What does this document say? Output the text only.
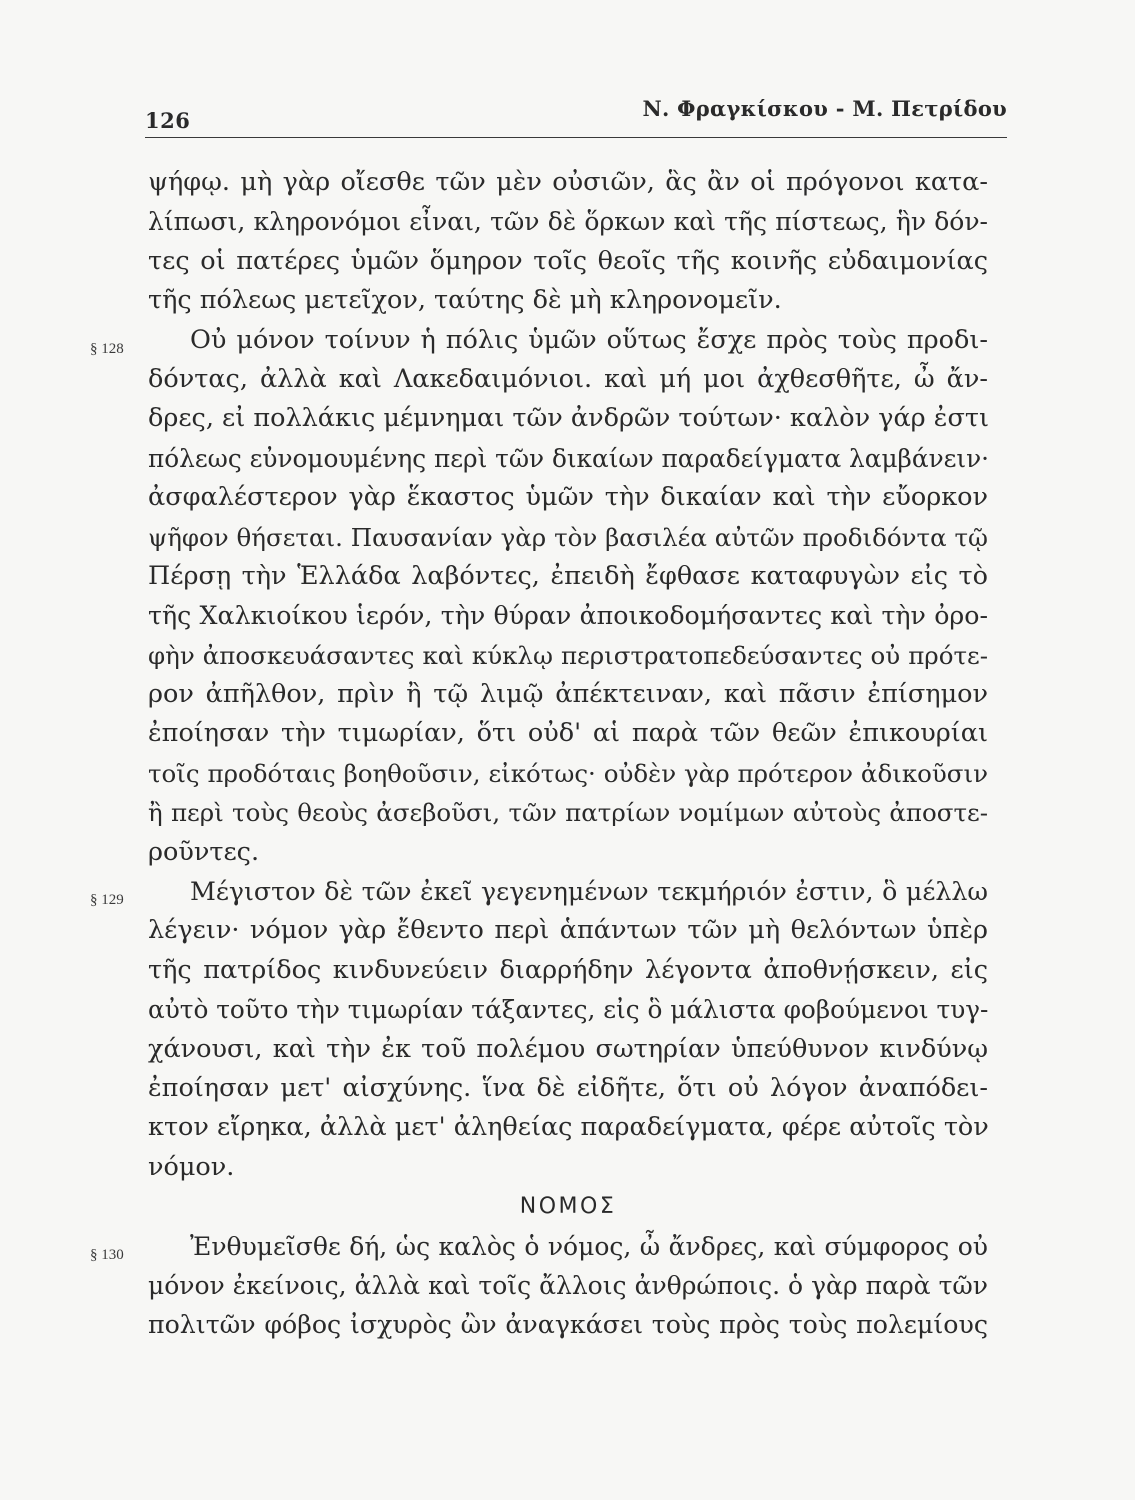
126	Ν. Φραγκίσκου - Μ. Πετρίδου
ψήφῳ. μὴ γὰρ οἴεσθε τῶν μὲν οὐσιῶν, ἃς ἂν οἱ πρόγονοι κατα-
λίπωσι, κληρονόμοι εἶναι, τῶν δὲ ὅρκων καὶ τῆς πίστεως, ἣν δόν-
τες οἱ πατέρες ὑμῶν ὅμηρον τοῖς θεοῖς τῆς κοινῆς εὐδαιμονίας
τῆς πόλεως μετεῖχον, ταύτης δὲ μὴ κληρονομεῖν.
§ 128	Οὐ μόνον τοίνυν ἡ πόλις ὑμῶν οὕτως ἔσχε πρὸς τοὺς προδι-
δόντας, ἀλλὰ καὶ Λακεδαιμόνιοι. καὶ μή μοι ἀχθεσθῆτε, ὦ ἄν-
δρες, εἰ πολλάκις μέμνημαι τῶν ἀνδρῶν τούτων· καλὸν γάρ ἐστι
πόλεως εὐνομουμένης περὶ τῶν δικαίων παραδείγματα λαμβάνειν·
ἀσφαλέστερον γὰρ ἕκαστος ὑμῶν τὴν δικαίαν καὶ τὴν εὔορκον
ψῆφον θήσεται. Παυσανίαν γὰρ τὸν βασιλέα αὐτῶν προδιδόντα τῷ
Πέρσῃ τὴν Ἑλλάδα λαβόντες, ἐπειδὴ ἔφθασε καταφυγὼν εἰς τὸ
τῆς Χαλκιοίκου ἱερόν, τὴν θύραν ἀποικοδομήσαντες καὶ τὴν ὀρο-
φὴν ἀποσκευάσαντες καὶ κύκλῳ περιστρατοπεδεύσαντες οὐ πρότε-
ρον ἀπῆλθον, πρὶν ἢ τῷ λιμῷ ἀπέκτειναν, καὶ πᾶσιν ἐπίσημον
ἐποίησαν τὴν τιμωρίαν, ὅτι οὐδ' αἱ παρὰ τῶν θεῶν ἐπικουρίαι
τοῖς προδόταις βοηθοῦσιν, εἰκότως· οὐδὲν γὰρ πρότερον ἀδικοῦσιν
ἢ περὶ τοὺς θεοὺς ἀσεβοῦσι, τῶν πατρίων νομίμων αὐτοὺς ἀποστε-
ροῦντες.
§ 129	Μέγιστον δὲ τῶν ἐκεῖ γεγενημένων τεκμήριόν ἐστιν, ὃ μέλλω
λέγειν· νόμον γὰρ ἔθεντο περὶ ἁπάντων τῶν μὴ θελόντων ὑπὲρ
τῆς πατρίδος κινδυνεύειν διαρρήδην λέγοντα ἀποθνῄσκειν, εἰς
αὐτὸ τοῦτο τὴν τιμωρίαν τάξαντες, εἰς ὃ μάλιστα φοβούμενοι τυγ-
χάνουσι, καὶ τὴν ἐκ τοῦ πολέμου σωτηρίαν ὑπεύθυνον κινδύνῳ
ἐποίησαν μετ' αἰσχύνης. ἵνα δὲ εἰδῆτε, ὅτι οὐ λόγον ἀναπόδει-
κτον εἴρηκα, ἀλλὰ μετ' ἀληθείας παραδείγματα, φέρε αὐτοῖς τὸν
νόμον.
ΝΟΜΟΣ
§ 130	Ἐνθυμεῖσθε δή, ὡς καλὸς ὁ νόμος, ὦ ἄνδρες, καὶ σύμφορος οὐ
μόνον ἐκείνοις, ἀλλὰ καὶ τοῖς ἄλλοις ἀνθρώποις. ὁ γὰρ παρὰ τῶν
πολιτῶν φόβος ἰσχυρὸς ὢν ἀναγκάσει τοὺς πρὸς τοὺς πολεμίους
